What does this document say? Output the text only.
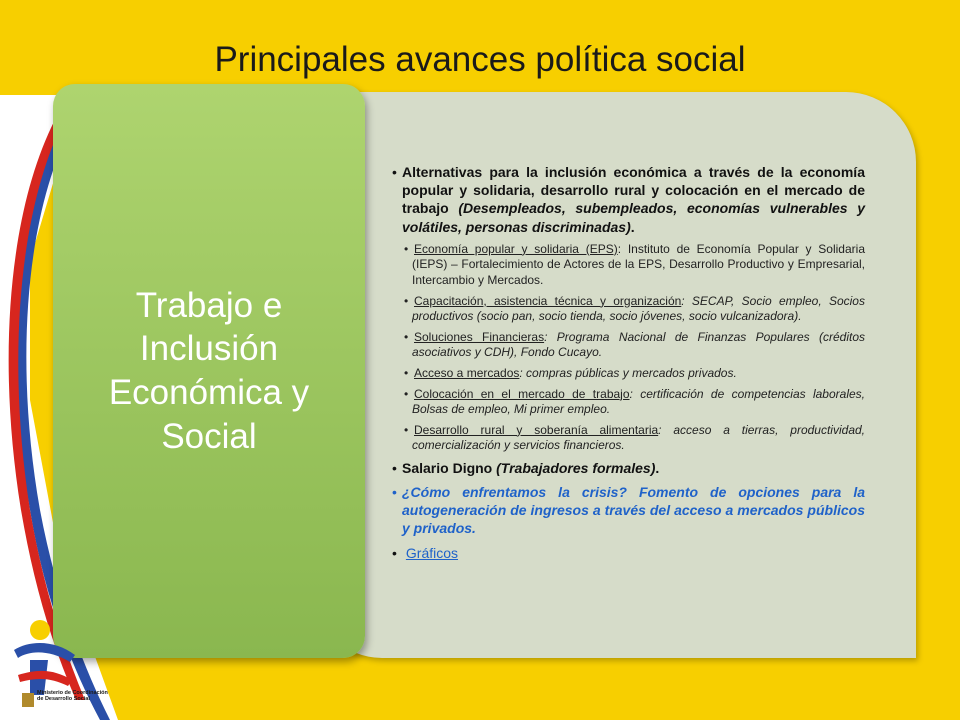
Principales avances política social
Trabajo e Inclusión Económica y Social
• Alternativas para la inclusión económica a través de la economía popular y solidaria, desarrollo rural y colocación en el mercado de trabajo (Desempleados, subempleados, economías vulnerables y volátiles, personas discriminadas).
• Economía popular y solidaria (EPS): Instituto de Economía Popular y Solidaria (IEPS) – Fortalecimiento de Actores de la EPS, Desarrollo Productivo y Empresarial, Intercambio y Mercados.
• Capacitación, asistencia técnica y organización: SECAP, Socio empleo, Socios productivos (socio pan, socio tienda, socio jóvenes, socio vulcanizadora).
• Soluciones Financieras: Programa Nacional de Finanzas Populares (créditos asociativos y CDH), Fondo Cucayo.
• Acceso a mercados: compras públicas y mercados privados.
• Colocación en el mercado de trabajo: certificación de competencias laborales, Bolsas de empleo, Mi primer empleo.
• Desarrollo rural y soberanía alimentaria: acceso a tierras, productividad, comercialización y servicios financieros.
• Salario Digno (Trabajadores formales).
• ¿Cómo enfrentamos la crisis? Fomento de opciones para la autogeneración de ingresos a través del acceso a mercados públicos y privados.
• Gráficos
Ministerio de Coordinación
de Desarrollo Social
